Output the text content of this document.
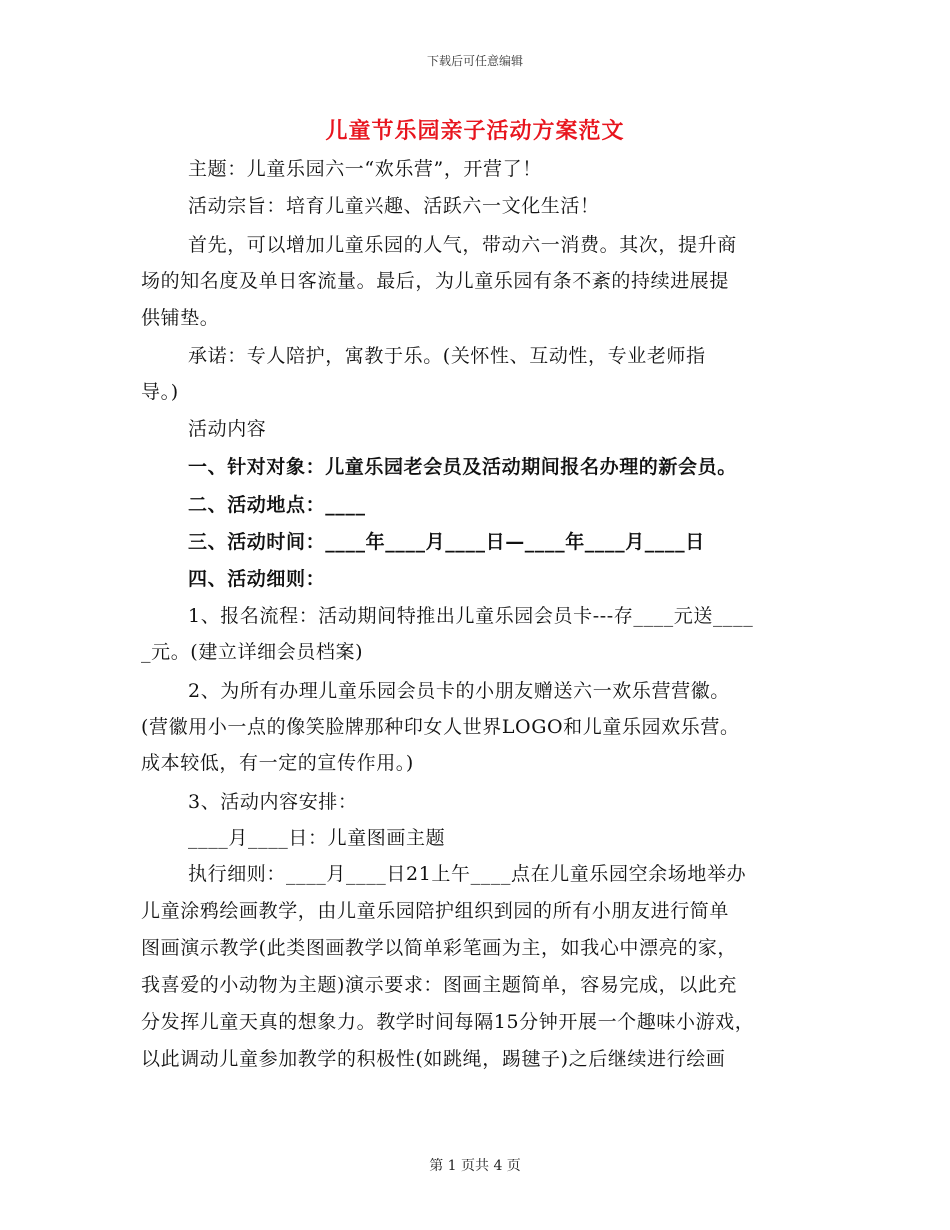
下载后可任意编辑
儿童节乐园亲子活动方案范文
主题：儿童乐园六一“欢乐营”，开营了！
活动宗旨：培育儿童兴趣、活跃六一文化生活！
首先，可以增加儿童乐园的人气，带动六一消费。其次，提升商
场的知名度及单日客流量。最后，为儿童乐园有条不紊的持续进展提
供铺垫。
承诺：专人陪护，寓教于乐。(关怀性、互动性，专业老师指
导。)
活动内容
一、针对对象：儿童乐园老会员及活动期间报名办理的新会员。
二、活动地点：____
三、活动时间：____年____月____日—____年____月____日
四、活动细则：
1、报名流程：活动期间特推出儿童乐园会员卡---存____元送____
_元。(建立详细会员档案)
2、为所有办理儿童乐园会员卡的小朋友赠送六一欢乐营营徽。
(营徽用小一点的像笑脸牌那种印女人世界LOGO和儿童乐园欢乐营。
成本较低，有一定的宣传作用。)
3、活动内容安排：
____月____日：儿童图画主题
执行细则：____月____日21上午____点在儿童乐园空余场地举办
儿童涂鸦绘画教学，由儿童乐园陪护组织到园的所有小朋友进行简单
图画演示教学(此类图画教学以简单彩笔画为主，如我心中漂亮的家，
我喜爱的小动物为主题)演示要求：图画主题简单，容易完成，以此充
分发挥儿童天真的想象力。教学时间每隔15分钟开展一个趣味小游戏，
以此调动儿童参加教学的积极性(如跳绳，踢毽子)之后继续进行绘画
第 1 页共 4 页
